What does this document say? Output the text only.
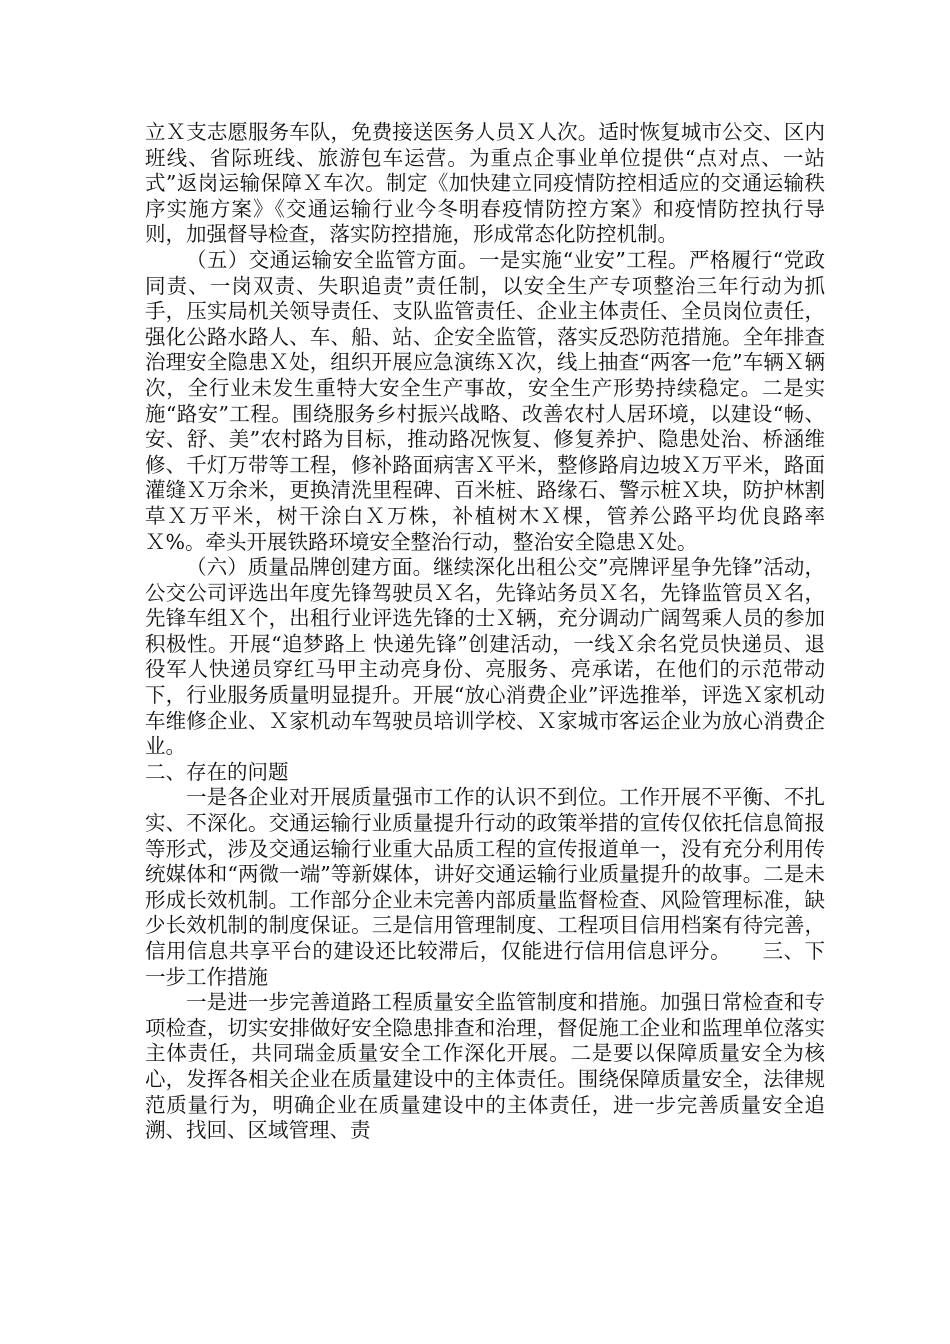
立Ｘ支志愿服务车队，免费接送医务人员Ｘ人次。适时恢复城市公交、区内班线、省际班线、旅游包车运营。为重点企事业单位提供“点对点、一站式”返岗运输保障Ｘ车次。制定《加快建立同疫情防控相适应的交通运输秩序实施方案》《交通运输行业今冬明春疫情防控方案》和疫情防控执行导则，加强督导检查，落实防控措施，形成常态化防控机制。

（五）交通运输安全监管方面。一是实施“业安”工程。严格履行“党政同责、一岗双责、失职追责”责任制，以安全生产专项整治三年行动为抓手，压实局机关领导责任、支队监管责任、企业主体责任、全员岗位责任，强化公路水路人、车、船、站、企安全监管，落实反恐防范措施。全年排查治理安全隐患Ｘ处，组织开展应急演练Ｘ次，线上抽查“两客一危”车辆Ｘ辆次，全行业未发生重特大安全生产事故，安全生产形势持续稳定。二是实施“路安”工程。围绕服务乡村振兴战略、改善农村人居环境，以建设“畅、安、舒、美”农村路为目标，推动路况恢复、修复养护、隐患处治、桥涵维修、千灯万带等工程，修补路面病害Ｘ平米，整修路肩边坡Ｘ万平米，路面灌缝Ｘ万余米，更换清洗里程碑、百米桩、路缘石、警示桩Ｘ块，防护林割草Ｘ万平米，树干涂白Ｘ万株，补植树木Ｘ棵，管养公路平均优良路率Ｘ%。牵头开展铁路环境安全整治行动，整治安全隐患Ｘ处。

（六）质量品牌创建方面。继续深化出租公交”亮牌评星争先锋”活动，公交公司评选出年度先锋驾驶员Ｘ名，先锋站务员Ｘ名，先锋监管员Ｘ名，先锋车组Ｘ个，出租行业评选先锋的士Ｘ辆，充分调动广阔驾乘人员的参加积极性。开展“追梦路上 快递先锋”创建活动，一线Ｘ余名党员快递员、退役军人快递员穿红马甲主动亮身份、亮服务、亮承诺，在他们的示范带动下，行业服务质量明显提升。开展“放心消费企业”评选推举，评选Ｘ家机动车维修企业、Ｘ家机动车驾驶员培训学校、Ｘ家城市客运企业为放心消费企业。

二、存在的问题

一是各企业对开展质量强市工作的认识不到位。工作开展不平衡、不扎实、不深化。交通运输行业质量提升行动的政策举措的宣传仅依托信息简报等形式，涉及交通运输行业重大品质工程的宣传报道单一，没有充分利用传统媒体和“两微一端”等新媒体，讲好交通运输行业质量提升的故事。二是未形成长效机制。工作部分企业未完善内部质量监督检查、风险管理标准，缺少长效机制的制度保证。三是信用管理制度、工程项目信用档案有待完善，信用信息共享平台的建设还比较滞后，仅能进行信用信息评分。　　三、下一步工作措施

一是进一步完善道路工程质量安全监管制度和措施。加强日常检查和专项检查，切实安排做好安全隐患排查和治理，督促施工企业和监理单位落实主体责任，共同瑞金质量安全工作深化开展。二是要以保障质量安全为核心，发挥各相关企业在质量建设中的主体责任。围绕保障质量安全，法律规范质量行为，明确企业在质量建设中的主体责任，进一步完善质量安全追溯、找回、区域管理、责
